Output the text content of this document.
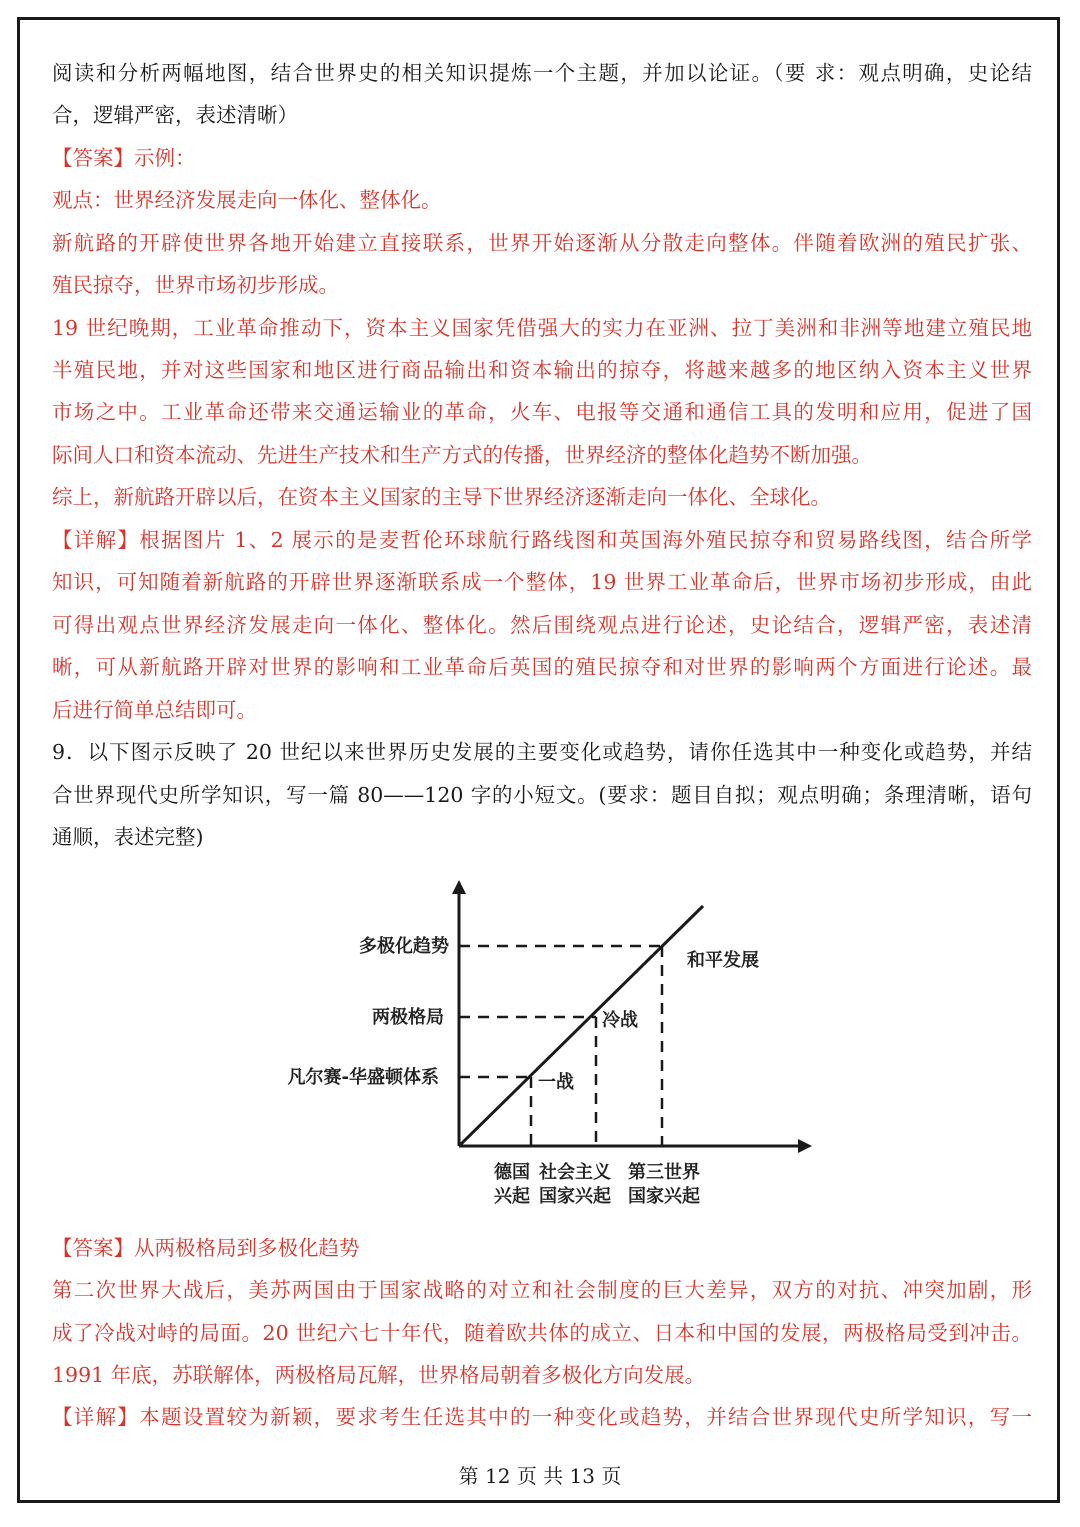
阅读和分析两幅地图，结合世界史的相关知识提炼一个主题，并加以论证。（要 求：观点明确，史论结
合，逻辑严密，表述清晰）
【答案】示例：
观点：世界经济发展走向一体化、整体化。
新航路的开辟使世界各地开始建立直接联系，世界开始逐渐从分散走向整体。伴随着欧洲的殖民扩张、
殖民掠夺，世界市场初步形成。
19 世纪晚期，工业革命推动下，资本主义国家凭借强大的实力在亚洲、拉丁美洲和非洲等地建立殖民地
半殖民地，并对这些国家和地区进行商品输出和资本输出的掠夺，将越来越多的地区纳入资本主义世界
市场之中。工业革命还带来交通运输业的革命，火车、电报等交通和通信工具的发明和应用，促进了国
际间人口和资本流动、先进生产技术和生产方式的传播，世界经济的整体化趋势不断加强。
综上，新航路开辟以后，在资本主义国家的主导下世界经济逐渐走向一体化、全球化。
【详解】根据图片 1、2 展示的是麦哲伦环球航行路线图和英国海外殖民掠夺和贸易路线图，结合所学
知识，可知随着新航路的开辟世界逐渐联系成一个整体，19 世界工业革命后，世界市场初步形成，由此
可得出观点世界经济发展走向一体化、整体化。然后围绕观点进行论述，史论结合，逻辑严密，表述清
晰，可从新航路开辟对世界的影响和工业革命后英国的殖民掠夺和对世界的影响两个方面进行论述。最
后进行简单总结即可。
9．以下图示反映了 20 世纪以来世界历史发展的主要变化或趋势，请你任选其中一种变化或趋势，并结
合世界现代史所学知识，写一篇 80——120 字的小短文。(要求：题目自拟；观点明确；条理清晰，语句
通顺，表述完整)
多极化趋势
两极格局
凡尔赛-华盛顿体系	一战
冷战
和平发展
德国 社会主义 第三世界
兴起 国家兴起 国家兴起
【答案】从两极格局到多极化趋势
第二次世界大战后，美苏两国由于国家战略的对立和社会制度的巨大差异，双方的对抗、冲突加剧，形
成了冷战对峙的局面。20 世纪六七十年代，随着欧共体的成立、日本和中国的发展，两极格局受到冲击。
1991 年底，苏联解体，两极格局瓦解，世界格局朝着多极化方向发展。
【详解】本题设置较为新颖，要求考生任选其中的一种变化或趋势，并结合世界现代史所学知识，写一
第 12 页 共 13 页
